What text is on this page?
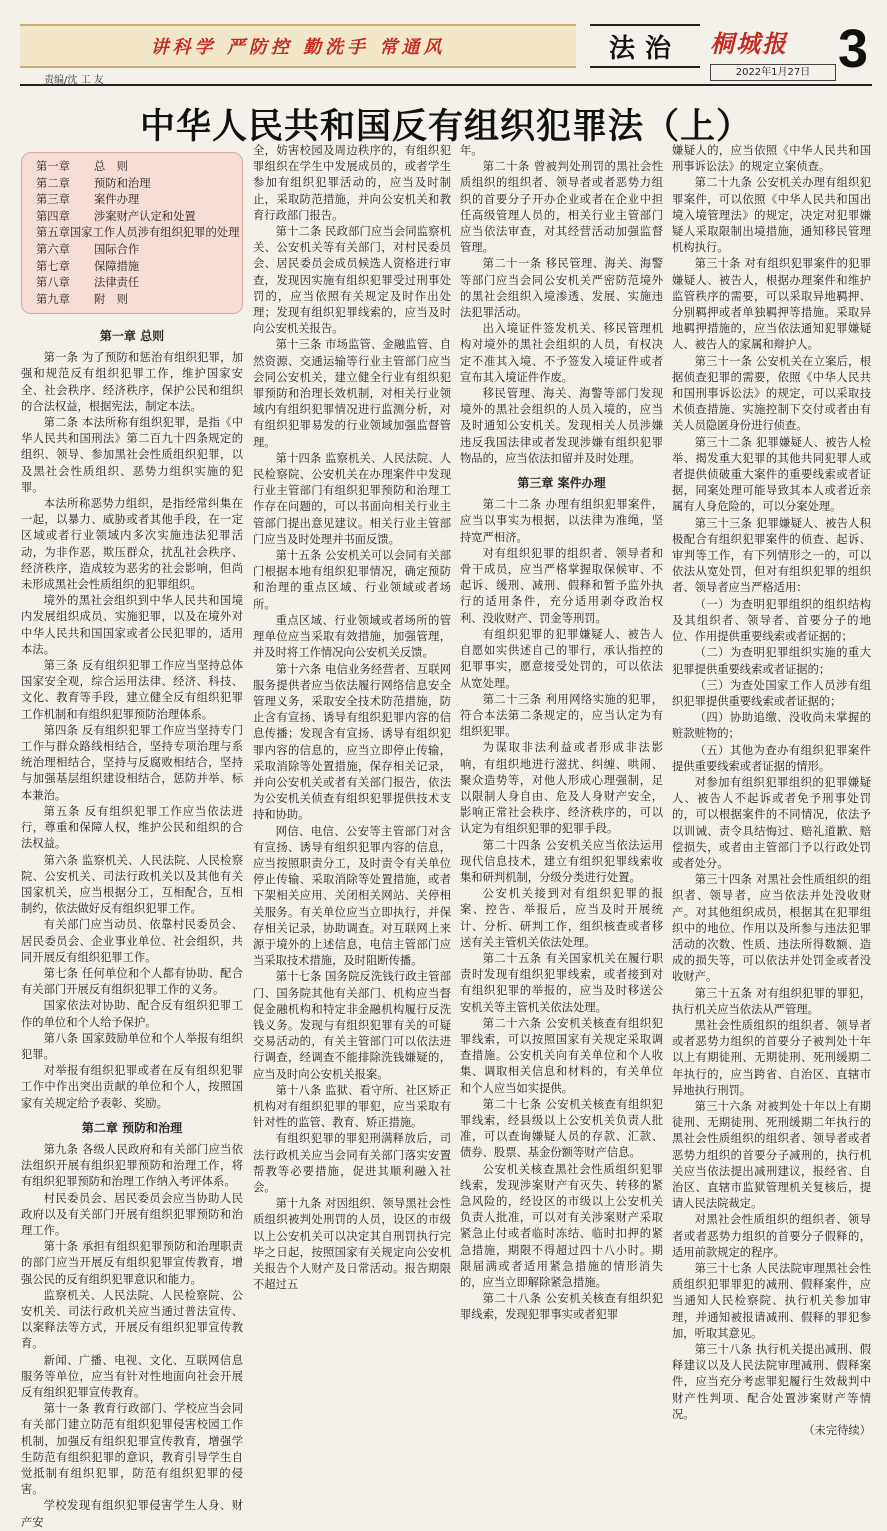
讲科学 严防控 勤洗手 常通风	法治 桐城报
2022年1月27日 3
责编/沈 工 友
中华人民共和国反有组织犯罪法（上）
第一章	总　则
第二章	预防和治理
第三章	案件办理
第四章	涉案财产认定和处置
第五章 国家工作人员涉有组织犯罪的处理
第六章	国际合作
第七章	保障措施
第八章	法律责任
第九章	附　则

第一章 总则

第一条 为了预防和惩治有组织犯罪，加强和规范反有组织犯罪工作，维护国家安全、社会秩序、经济秩序，保护公民和组织的合法权益，根据宪法，制定本法。

第二条 本法所称有组织犯罪，是指《中华人民共和国刑法》第二百九十四条规定的组织、领导、参加黑社会性质组织犯罪，以及黑社会性质组织、恶势力组织实施的犯罪。

本法所称恶势力组织，是指经常纠集在一起，以暴力、威胁或者其他手段，在一定区域或者行业领域内多次实施违法犯罪活动，为非作恶，欺压群众，扰乱社会秩序、经济秩序，造成较为恶劣的社会影响，但尚未形成黑社会性质组织的犯罪组织。

境外的黑社会组织到中华人民共和国境内发展组织成员、实施犯罪，以及在境外对中华人民共和国国家或者公民犯罪的，适用本法。

第三条 反有组织犯罪工作应当坚持总体国家安全观，综合运用法律、经济、科技、文化、教育等手段，建立健全反有组织犯罪工作机制和有组织犯罪预防治理体系。

第四条 反有组织犯罪工作应当坚持专门工作与群众路线相结合，坚持专项治理与系统治理相结合，坚持与反腐败相结合，坚持与加强基层组织建设相结合，惩防并举、标本兼治。

第五条 反有组织犯罪工作应当依法进行，尊重和保障人权，维护公民和组织的合法权益。

第六条 监察机关、人民法院、人民检察院、公安机关、司法行政机关以及其他有关国家机关，应当根据分工，互相配合，互相制约，依法做好反有组织犯罪工作。

有关部门应当动员、依靠村民委员会、居民委员会、企业事业单位、社会组织，共同开展反有组织犯罪工作。

第七条 任何单位和个人都有协助、配合有关部门开展反有组织犯罪工作的义务。

国家依法对协助、配合反有组织犯罪工作的单位和个人给予保护。

第八条 国家鼓励单位和个人举报有组织犯罪。

对举报有组织犯罪或者在反有组织犯罪工作中作出突出贡献的单位和个人，按照国家有关规定给予表彰、奖励。

第二章 预防和治理

第九条 各级人民政府和有关部门应当依法组织开展有组织犯罪预防和治理工作，将有组织犯罪预防和治理工作纳入考评体系。

村民委员会、居民委员会应当协助人民政府以及有关部门开展有组织犯罪预防和治理工作。

第十条 承担有组织犯罪预防和治理职责的部门应当开展反有组织犯罪宣传教育，增强公民的反有组织犯罪意识和能力。

监察机关、人民法院、人民检察院、公安机关、司法行政机关应当通过普法宣传、以案释法等方式，开展反有组织犯罪宣传教育。

新闻、广播、电视、文化、互联网信息服务等单位，应当有针对性地面向社会开展反有组织犯罪宣传教育。

第十一条 教育行政部门、学校应当会同有关部门建立防范有组织犯罪侵害校园工作机制，加强反有组织犯罪宣传教育，增强学生防范有组织犯罪的意识，教育引导学生自觉抵制有组织犯罪，防范有组织犯罪的侵害。

学校发现有组织犯罪侵害学生人身、财产安

全，妨害校园及周边秩序的，有组织犯罪组织在学生中发展成员的，或者学生参加有组织犯罪活动的，应当及时制止，采取防范措施，并向公安机关和教育行政部门报告。

第十二条 民政部门应当会同监察机关、公安机关等有关部门，对村民委员会、居民委员会成员候选人资格进行审查，发现因实施有组织犯罪受过刑事处罚的，应当依照有关规定及时作出处理；发现有组织犯罪线索的，应当及时向公安机关报告。

第十三条 市场监管、金融监管、自然资源、交通运输等行业主管部门应当会同公安机关，建立健全行业有组织犯罪预防和治理长效机制，对相关行业领域内有组织犯罪情况进行监测分析，对有组织犯罪易发的行业领域加强监督管理。

第十四条 监察机关、人民法院、人民检察院、公安机关在办理案件中发现行业主管部门有组织犯罪预防和治理工作存在问题的，可以书面向相关行业主管部门提出意见建议。相关行业主管部门应当及时处理并书面反馈。

第十五条 公安机关可以会同有关部门根据本地有组织犯罪情况，确定预防和治理的重点区域、行业领域或者场所。

重点区域、行业领域或者场所的管理单位应当采取有效措施，加强管理，并及时将工作情况向公安机关反馈。

第十六条 电信业务经营者、互联网服务提供者应当依法履行网络信息安全管理义务，采取安全技术防范措施，防止含有宣扬、诱导有组织犯罪内容的信息传播；发现含有宣扬、诱导有组织犯罪内容的信息的，应当立即停止传输，采取消除等处置措施，保存相关记录，并向公安机关或者有关部门报告，依法为公安机关侦查有组织犯罪提供技术支持和协助。

网信、电信、公安等主管部门对含有宣扬、诱导有组织犯罪内容的信息，应当按照职责分工，及时责令有关单位停止传输、采取消除等处置措施，或者下架相关应用、关闭相关网站、关停相关服务。有关单位应当立即执行，并保存相关记录，协助调查。对互联网上来源于境外的上述信息，电信主管部门应当采取技术措施，及时阻断传播。

第十七条 国务院反洗钱行政主管部门、国务院其他有关部门、机构应当督促金融机构和特定非金融机构履行反洗钱义务。发现与有组织犯罪有关的可疑交易活动的，有关主管部门可以依法进行调查，经调查不能排除洗钱嫌疑的，应当及时向公安机关报案。

第十八条 监狱、看守所、社区矫正机构对有组织犯罪的罪犯，应当采取有针对性的监管、教育、矫正措施。

有组织犯罪的罪犯刑满释放后，司法行政机关应当会同有关部门落实安置帮教等必要措施，促进其顺利融入社会。

第十九条 对因组织、领导黑社会性质组织被判处刑罚的人员，设区的市级以上公安机关可以决定其自刑罚执行完毕之日起，按照国家有关规定向公安机关报告个人财产及日常活动。报告期限不超过五

年。

第二十条 曾被判处刑罚的黑社会性质组织的组织者、领导者或者恶势力组织的首要分子开办企业或者在企业中担任高级管理人员的，相关行业主管部门应当依法审查，对其经营活动加强监督管理。

第二十一条 移民管理、海关、海警等部门应当会同公安机关严密防范境外的黑社会组织入境渗透、发展、实施违法犯罪活动。

出入境证件签发机关、移民管理机构对境外的黑社会组织的人员，有权决定不准其入境、不予签发入境证件或者宣布其入境证件作废。

移民管理、海关、海警等部门发现境外的黑社会组织的人员入境的，应当及时通知公安机关。发现相关人员涉嫌违反我国法律或者发现涉嫌有组织犯罪物品的，应当依法扣留并及时处理。

第三章 案件办理

第二十二条 办理有组织犯罪案件，应当以事实为根据，以法律为准绳，坚持宽严相济。

对有组织犯罪的组织者、领导者和骨干成员，应当严格掌握取保候审、不起诉、缓刑、减刑、假释和暂予监外执行的适用条件，充分适用剥夺政治权利、没收财产、罚金等刑罚。

有组织犯罪的犯罪嫌疑人、被告人自愿如实供述自己的罪行，承认指控的犯罪事实，愿意接受处罚的，可以依法从宽处理。

第二十三条 利用网络实施的犯罪，符合本法第二条规定的，应当认定为有组织犯罪。

为谋取非法利益或者形成非法影响，有组织地进行滋扰、纠缠、哄闹、聚众造势等，对他人形成心理强制，足以限制人身自由、危及人身财产安全，影响正常社会秩序、经济秩序的，可以认定为有组织犯罪的犯罪手段。

第二十四条 公安机关应当依法运用现代信息技术，建立有组织犯罪线索收集和研判机制，分级分类进行处置。

公安机关接到对有组织犯罪的报案、控告、举报后，应当及时开展统计、分析、研判工作，组织核查或者移送有关主管机关依法处理。

第二十五条 有关国家机关在履行职责时发现有组织犯罪线索，或者接到对有组织犯罪的举报的，应当及时移送公安机关等主管机关依法处理。

第二十六条 公安机关核查有组织犯罪线索，可以按照国家有关规定采取调查措施。公安机关向有关单位和个人收集、调取相关信息和材料的，有关单位和个人应当如实提供。

第二十七条 公安机关核查有组织犯罪线索，经县级以上公安机关负责人批准，可以查询嫌疑人员的存款、汇款、债券、股票、基金份额等财产信息。

公安机关核查黑社会性质组织犯罪线索，发现涉案财产有灭失、转移的紧急风险的，经设区的市级以上公安机关负责人批准，可以对有关涉案财产采取紧急止付或者临时冻结、临时扣押的紧急措施，期限不得超过四十八小时。期限届满或者适用紧急措施的情形消失的，应当立即解除紧急措施。

第二十八条 公安机关核查有组织犯罪线索，发现犯罪事实或者犯罪

嫌疑人的，应当依照《中华人民共和国刑事诉讼法》的规定立案侦查。

第二十九条 公安机关办理有组织犯罪案件，可以依照《中华人民共和国出境入境管理法》的规定，决定对犯罪嫌疑人采取限制出境措施，通知移民管理机构执行。

第三十条 对有组织犯罪案件的犯罪嫌疑人、被告人，根据办理案件和维护监管秩序的需要，可以采取异地羁押、分别羁押或者单独羁押等措施。采取异地羁押措施的，应当依法通知犯罪嫌疑人、被告人的家属和辩护人。

第三十一条 公安机关在立案后，根据侦查犯罪的需要，依照《中华人民共和国刑事诉讼法》的规定，可以采取技术侦查措施、实施控制下交付或者由有关人员隐匿身份进行侦查。

第三十二条 犯罪嫌疑人、被告人检举、揭发重大犯罪的其他共同犯罪人或者提供侦破重大案件的重要线索或者证据，同案处理可能导致其本人或者近亲属有人身危险的，可以分案处理。

第三十三条 犯罪嫌疑人、被告人积极配合有组织犯罪案件的侦查、起诉、审判等工作，有下列情形之一的，可以依法从宽处罚，但对有组织犯罪的组织者、领导者应当严格适用：

（一）为查明犯罪组织的组织结构及其组织者、领导者、首要分子的地位、作用提供重要线索或者证据的；

（二）为查明犯罪组织实施的重大犯罪提供重要线索或者证据的；

（三）为查处国家工作人员涉有组织犯罪提供重要线索或者证据的；

（四）协助追缴、没收尚未掌握的赃款赃物的；

（五）其他为查办有组织犯罪案件提供重要线索或者证据的情形。

对参加有组织犯罪组织的犯罪嫌疑人、被告人不起诉或者免予刑事处罚的，可以根据案件的不同情况，依法予以训诫、责令具结悔过、赔礼道歉、赔偿损失，或者由主管部门予以行政处罚或者处分。

第三十四条 对黑社会性质组织的组织者、领导者，应当依法并处没收财产。对其他组织成员，根据其在犯罪组织中的地位、作用以及所参与违法犯罪活动的次数、性质、违法所得数额、造成的损失等，可以依法并处罚金或者没收财产。

第三十五条 对有组织犯罪的罪犯，执行机关应当依法从严管理。

黑社会性质组织的组织者、领导者或者恶势力组织的首要分子被判处十年以上有期徒刑、无期徒刑、死刑缓期二年执行的，应当跨省、自治区、直辖市异地执行刑罚。

第三十六条 对被判处十年以上有期徒刑、无期徒刑、死刑缓期二年执行的黑社会性质组织的组织者、领导者或者恶势力组织的首要分子减刑的，执行机关应当依法提出减刑建议，报经省、自治区、直辖市监狱管理机关复核后，提请人民法院裁定。

对黑社会性质组织的组织者、领导者或者恶势力组织的首要分子假释的，适用前款规定的程序。

第三十七条 人民法院审理黑社会性质组织犯罪罪犯的减刑、假释案件，应当通知人民检察院、执行机关参加审理，并通知被报请减刑、假释的罪犯参加，听取其意见。

第三十八条 执行机关提出减刑、假释建议以及人民法院审理减刑、假释案件，应当充分考虑罪犯履行生效裁判中财产性判项、配合处置涉案财产等情况。

（未完待续）
